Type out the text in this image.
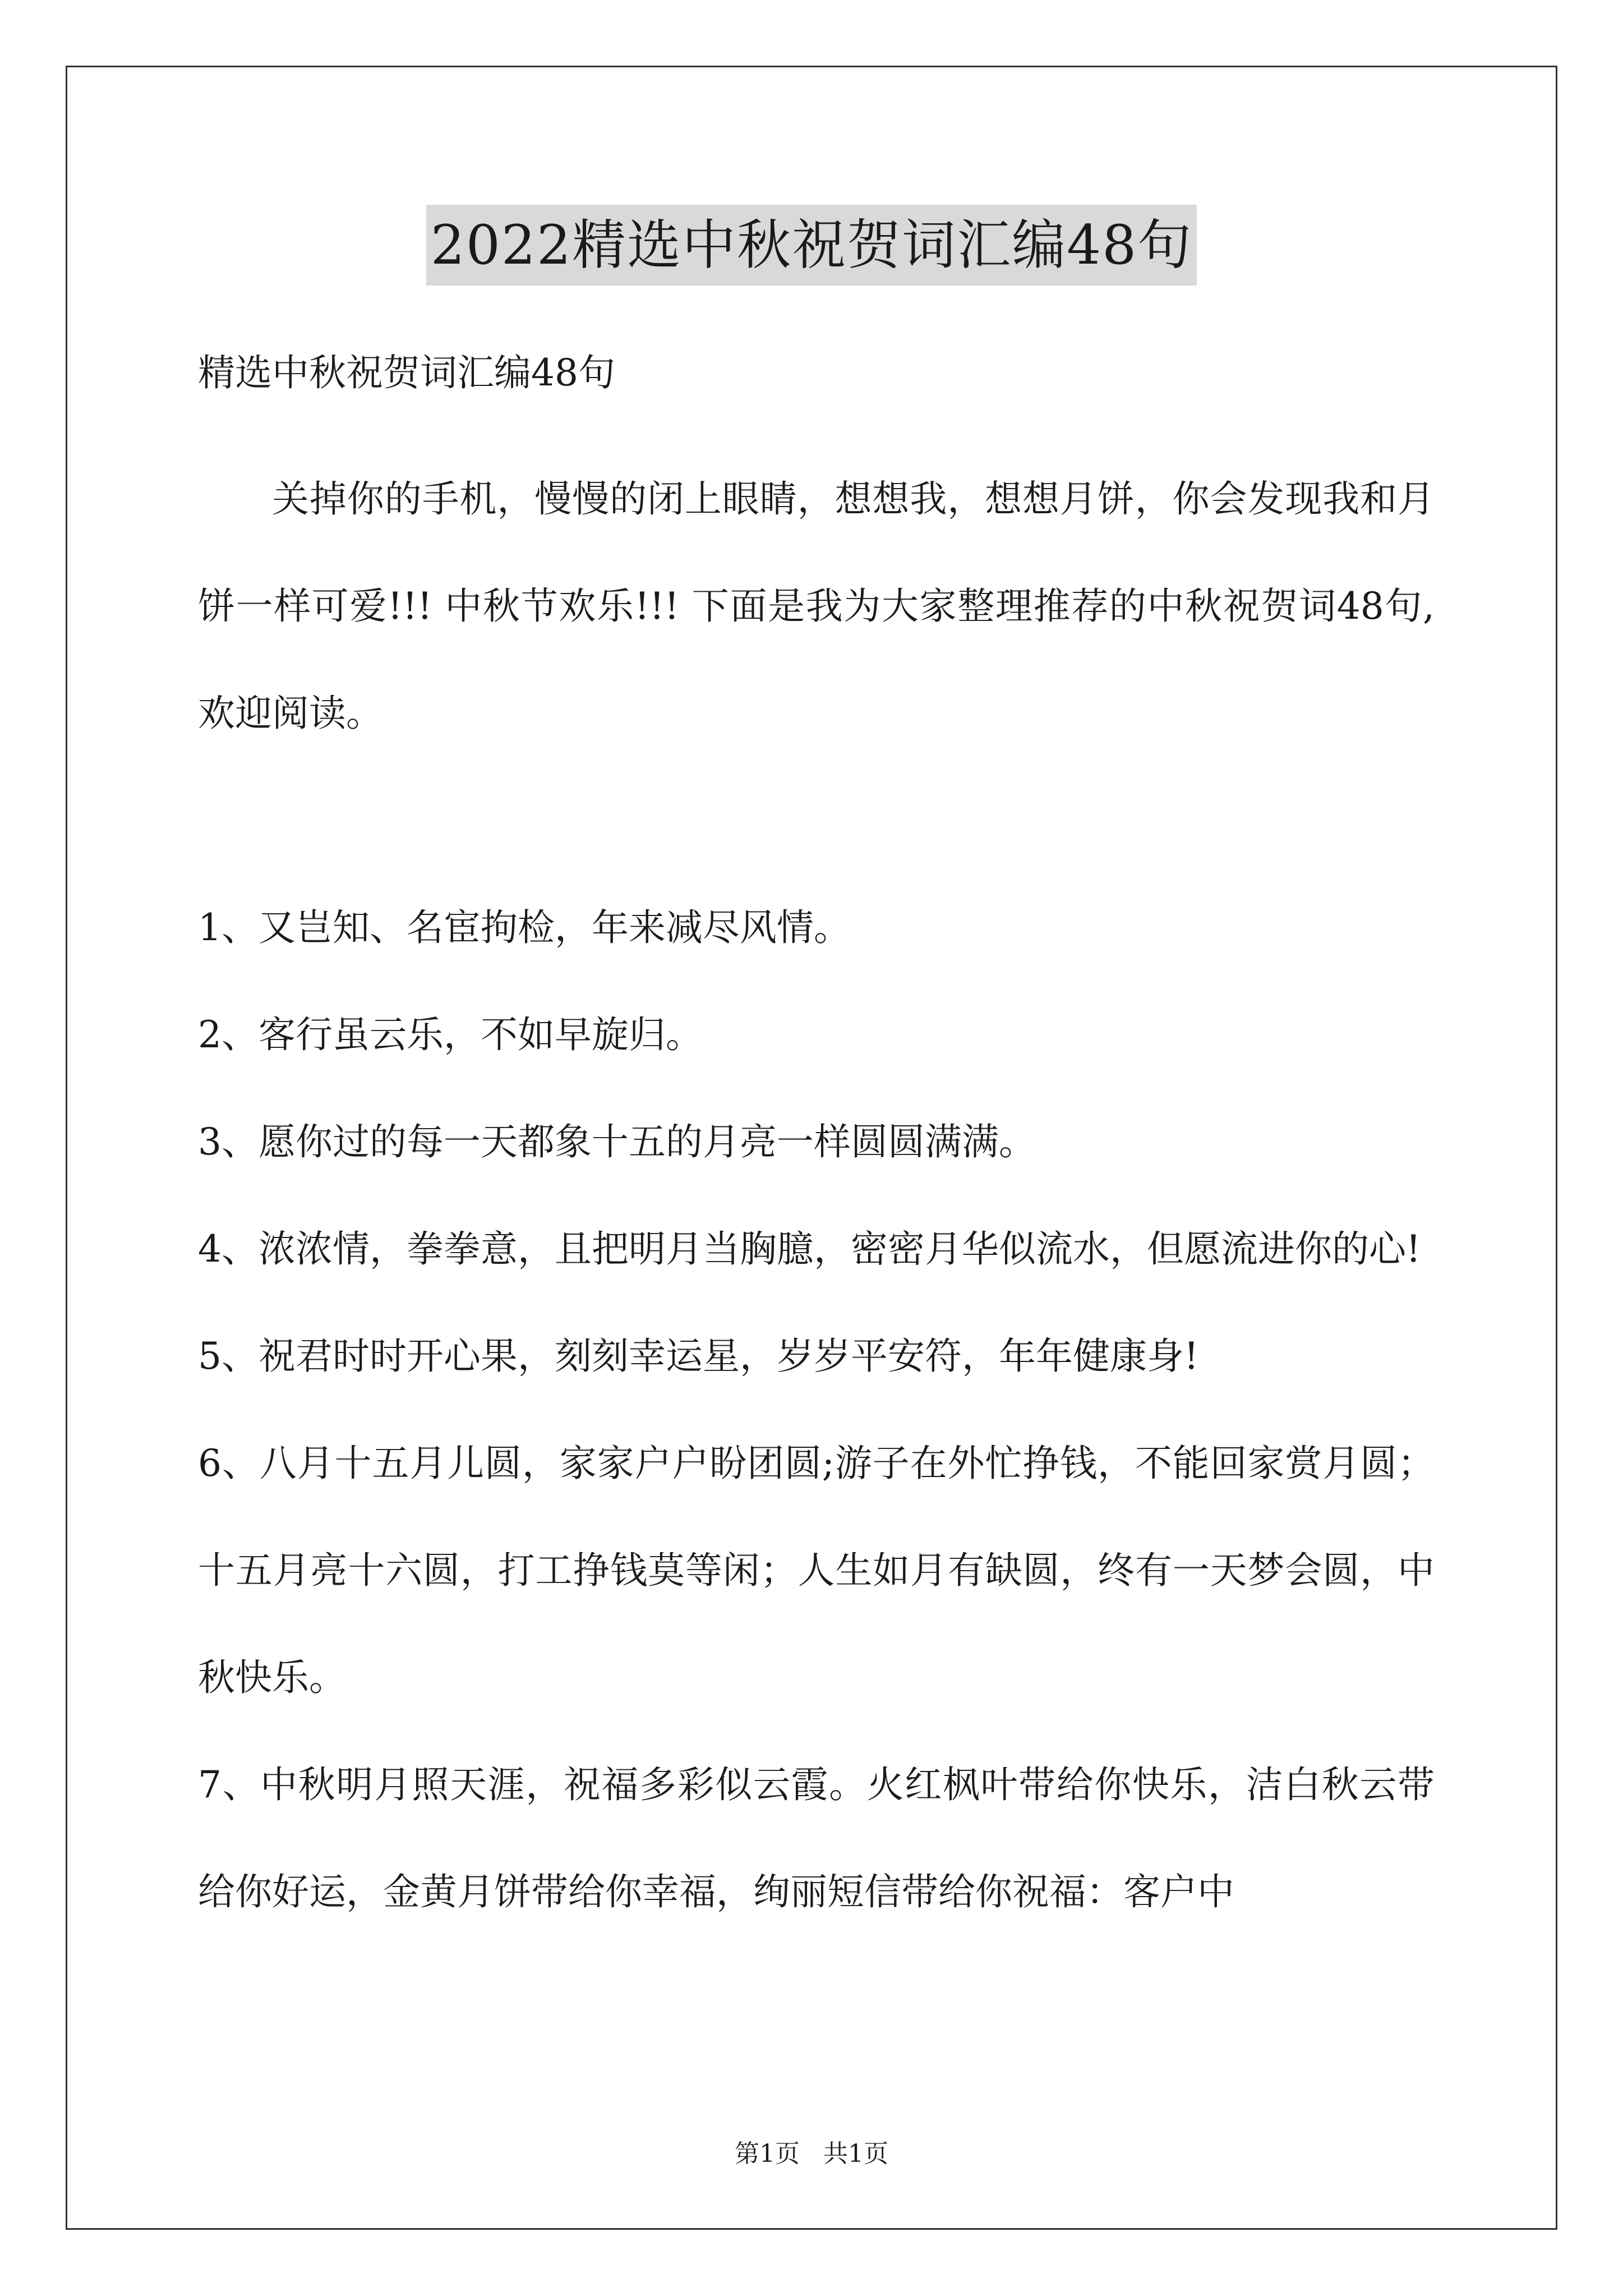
2022精选中秋祝贺词汇编48句

精选中秋祝贺词汇编48句

关掉你的手机，慢慢的闭上眼睛，想想我，想想月饼，你会发现我和月饼一样可爱!!! 中秋节欢乐!!! 下面是我为大家整理推荐的中秋祝贺词48句,欢迎阅读。

1、又岂知、名宦拘检，年来减尽风情。

2、客行虽云乐，不如早旋归。

3、愿你过的每一天都象十五的月亮一样圆圆满满。

4、浓浓情，拳拳意，且把明月当胸臆，密密月华似流水，但愿流进你的心!

5、祝君时时开心果，刻刻幸运星，岁岁平安符，年年健康身!

6、八月十五月儿圆，家家户户盼团圆;游子在外忙挣钱，不能回家赏月圆；十五月亮十六圆，打工挣钱莫等闲；人生如月有缺圆，终有一天梦会圆，中秋快乐。

7、中秋明月照天涯，祝福多彩似云霞。火红枫叶带给你快乐，洁白秋云带给你好运，金黄月饼带给你幸福，绚丽短信带给你祝福：客户中

第1页   共1页
